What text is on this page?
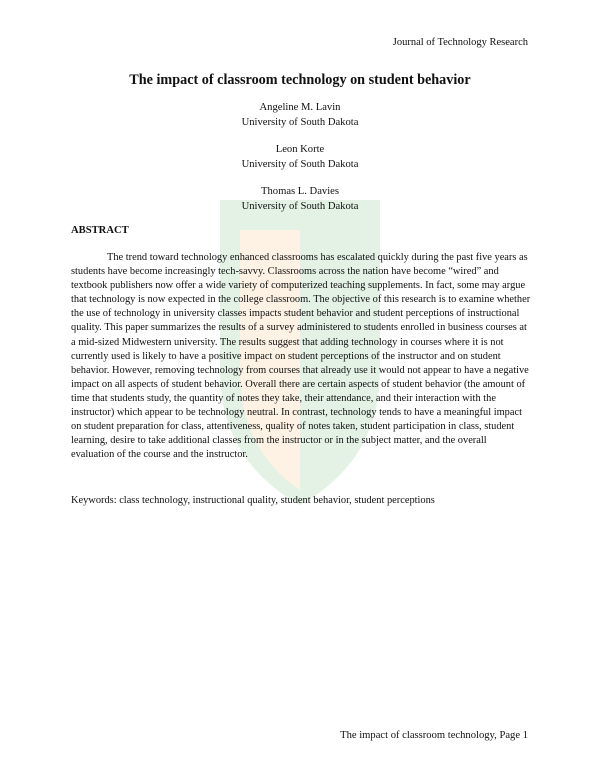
Journal of Technology Research
The impact of classroom technology on student behavior
Angeline M. Lavin
University of South Dakota
Leon Korte
University of South Dakota
Thomas L. Davies
University of South Dakota
ABSTRACT

The trend toward technology enhanced classrooms has escalated quickly during the past five years as students have become increasingly tech-savvy. Classrooms across the nation have become “wired” and textbook publishers now offer a wide variety of computerized teaching supplements. In fact, some may argue that technology is now expected in the college classroom. The objective of this research is to examine whether the use of technology in university classes impacts student behavior and student perceptions of instructional quality. This paper summarizes the results of a survey administered to students enrolled in business courses at a mid-sized Midwestern university. The results suggest that adding technology in courses where it is not currently used is likely to have a positive impact on student perceptions of the instructor and on student behavior. However, removing technology from courses that already use it would not appear to have a negative impact on all aspects of student behavior. Overall there are certain aspects of student behavior (the amount of time that students study, the quantity of notes they take, their attendance, and their interaction with the instructor) which appear to be technology neutral. In contrast, technology tends to have a meaningful impact on student preparation for class, attentiveness, quality of notes taken, student participation in class, student learning, desire to take additional classes from the instructor or in the subject matter, and the overall evaluation of the course and the instructor.

Keywords: class technology, instructional quality, student behavior, student perceptions
The impact of classroom technology, Page 1
